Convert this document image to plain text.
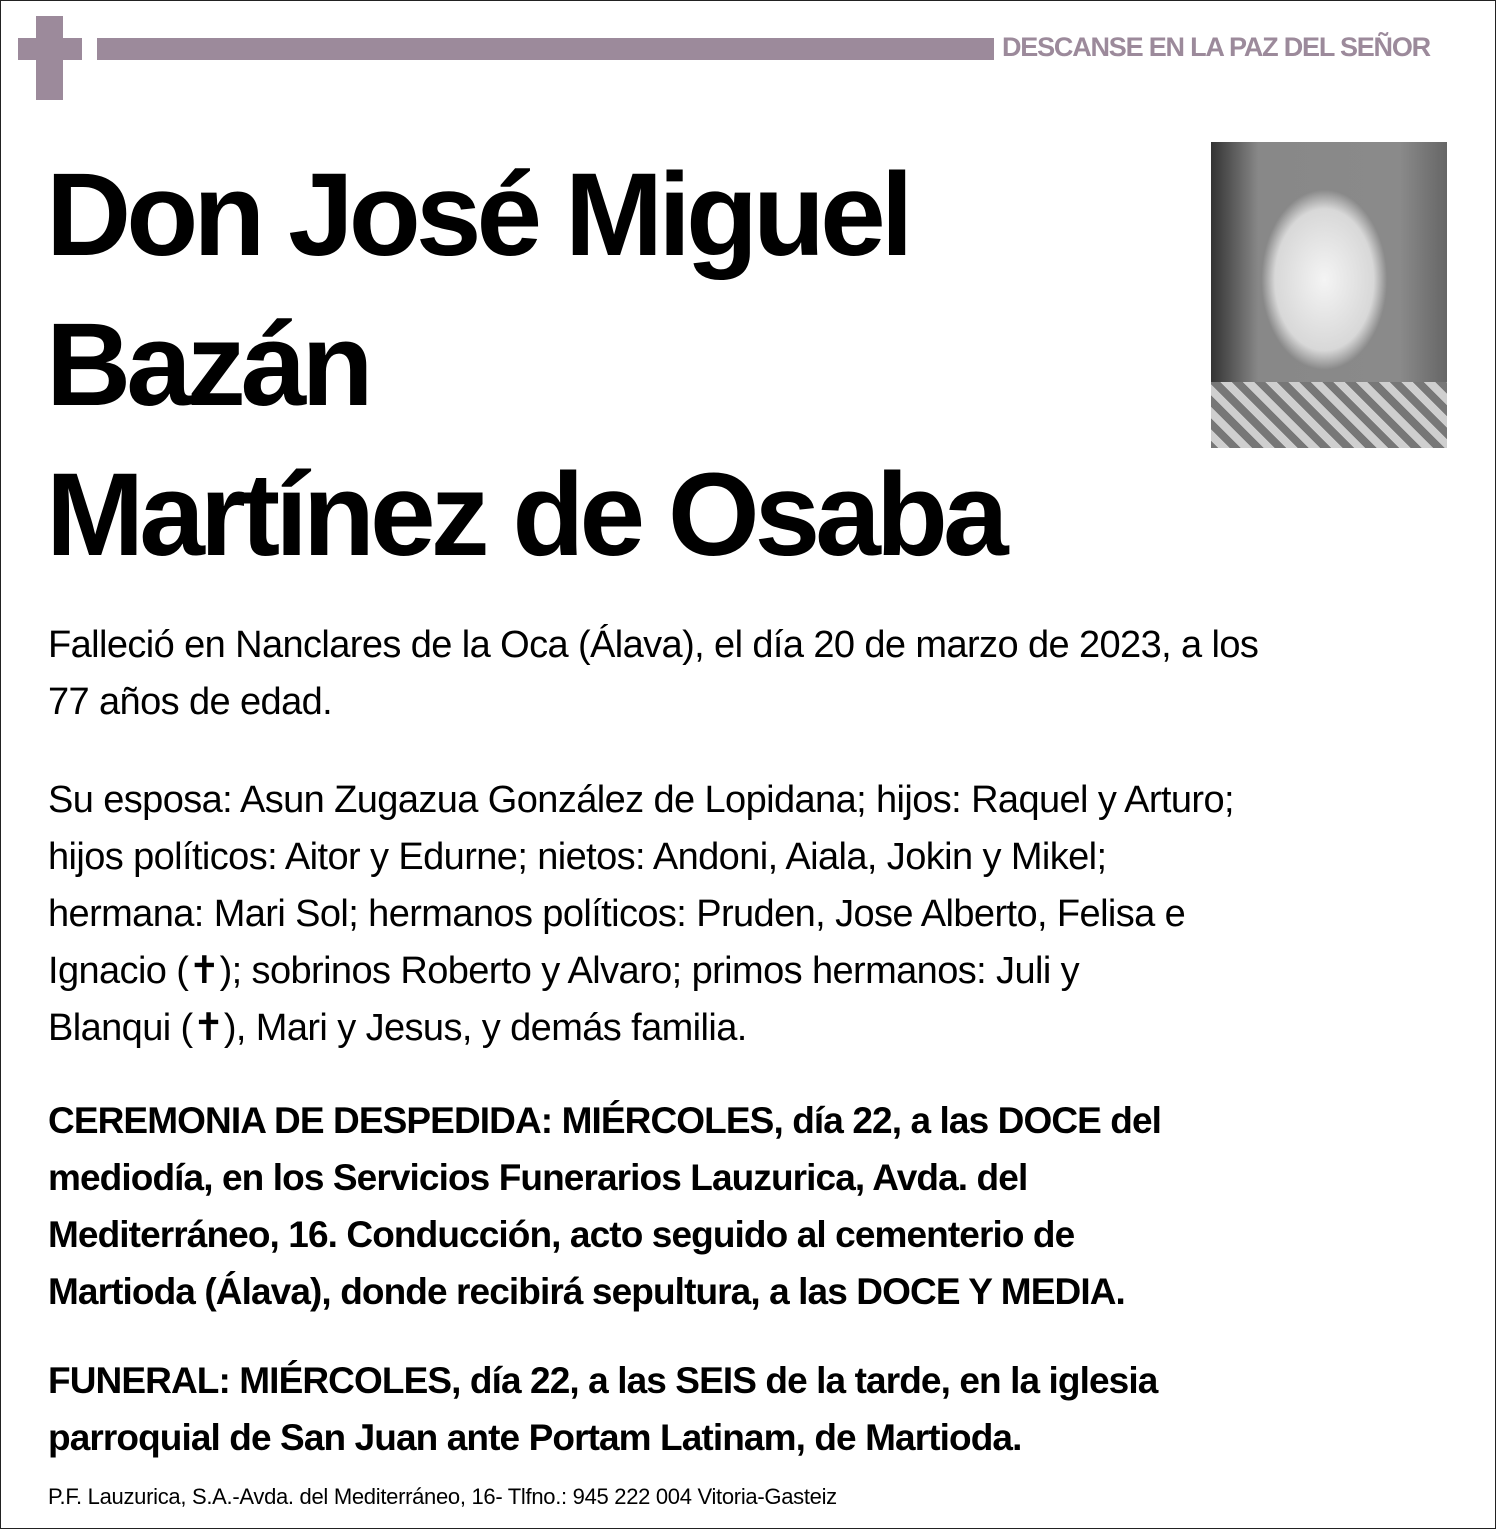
DESCANSE EN LA PAZ DEL SEÑOR
Don José Miguel
Bazán
Martínez de Osaba
Falleció en Nanclares de la Oca (Álava), el día 20 de marzo de 2023, a los
77 años de edad.
Su esposa: Asun Zugazua González de Lopidana; hijos: Raquel y Arturo;
hijos políticos: Aitor y Edurne; nietos: Andoni, Aiala, Jokin y Mikel;
hermana: Mari Sol; hermanos políticos: Pruden, Jose Alberto, Felisa e
Ignacio (✝); sobrinos Roberto y Alvaro; primos hermanos: Juli y
Blanqui (✝), Mari y Jesus, y demás familia.
CEREMONIA DE DESPEDIDA: MIÉRCOLES, día 22, a las DOCE del
mediodía, en los Servicios Funerarios Lauzurica, Avda. del
Mediterráneo, 16. Conducción, acto seguido al cementerio de
Martioda (Álava), donde recibirá sepultura, a las DOCE Y MEDIA.
FUNERAL: MIÉRCOLES, día 22, a las SEIS de la tarde, en la iglesia
parroquial de San Juan ante Portam Latinam, de Martioda.
P.F. Lauzurica, S.A.-Avda. del Mediterráneo, 16- Tlfno.: 945 222 004 Vitoria-Gasteiz
